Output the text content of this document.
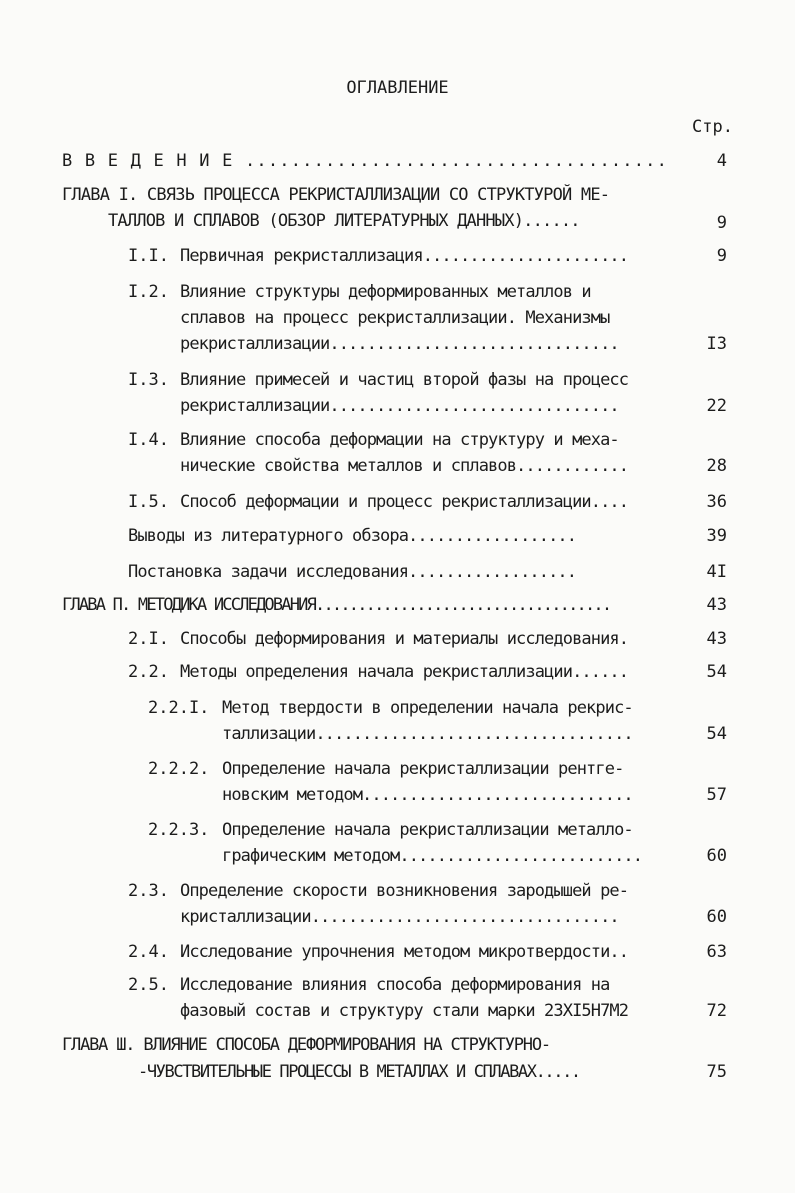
ОГЛАВЛЕНИЕ
Стр.
В В Е Д Е Н И Е .....................................	4
ГЛАВА I. СВЯЗЬ ПРОЦЕССА РЕКРИСТАЛЛИЗАЦИИ СО СТРУКТУРОЙ МЕ-
ТАЛЛОВ И СПЛАВОВ (ОБЗОР ЛИТЕРАТУРНЫХ ДАННЫХ)......	9
I.I. Первичная рекристаллизация......................	9
I.2. Влияние структуры деформированных металлов и
сплавов на процесс рекристаллизации. Механизмы
рекристаллизации...............................	I3
I.3. Влияние примесей и частиц второй фазы на процесс
рекристаллизации...............................	22
I.4. Влияние способа деформации на структуру и меха-
нические свойства металлов и сплавов............	28
I.5. Способ деформации и процесс рекристаллизации....	36
Выводы из литературного обзора..................	39
Постановка задачи исследования..................	4I
ГЛАВА П. МЕТОДИКА ИССЛЕДОВАНИЯ...................................	43
2.I. Способы деформирования и материалы исследования.	43
2.2. Методы определения начала рекристаллизации......	54
2.2.I. Метод твердости в определении начала рекрис-
таллизации..................................	54
2.2.2. Определение начала рекристаллизации рентге-
новским методом.............................	57
2.2.3. Определение начала рекристаллизации металло-
графическим методом..........................	60
2.3. Определение скорости возникновения зародышей ре-
кристаллизации.................................	60
2.4. Исследование упрочнения методом микротвердости..	63
2.5. Исследование влияния способа деформирования на
фазовый состав и структуру стали марки 23XI5H7M2	72
ГЛАВА Ш. ВЛИЯНИЕ СПОСОБА ДЕФОРМИРОВАНИЯ НА СТРУКТУРНО-
-ЧУВСТВИТЕЛЬНЫЕ ПРОЦЕССЫ В МЕТАЛЛАХ И СПЛАВАХ.....	75
